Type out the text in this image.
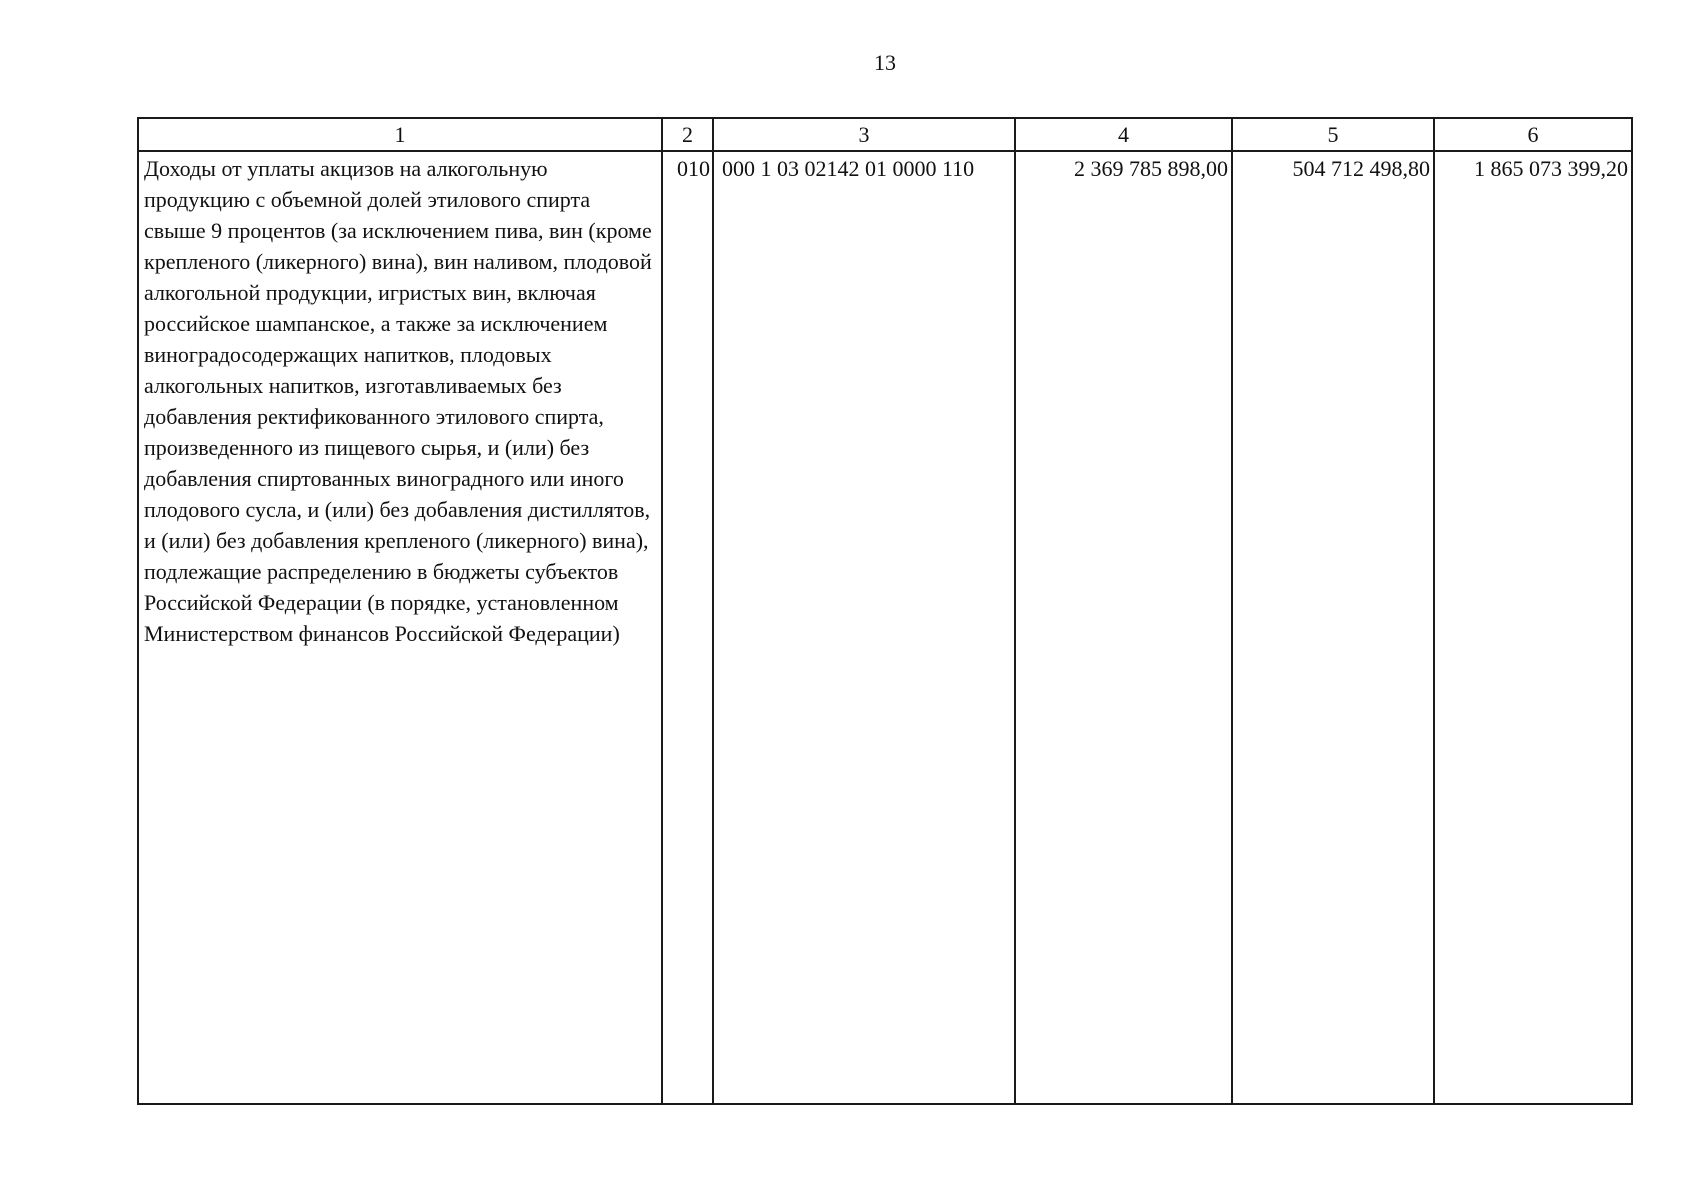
13
1	2	3	4	5	6
Доходы от уплаты акцизов на алкогольную продукцию с объемной долей этилового спирта свыше 9 процентов (за исключением пива, вин (кроме крепленого (ликерного) вина), вин наливом, плодовой алкогольной продукции, игристых вин, включая российское шампанское, а также за исключением виноградосодержащих напитков, плодовых алкогольных напитков, изготавливаемых без добавления ректификованного этилового спирта, произведенного из пищевого сырья, и (или) без добавления спиртованных виноградного или иного плодового сусла, и (или) без добавления дистиллятов, и (или) без добавления крепленого (ликерного) вина), подлежащие распределению в бюджеты субъектов Российской Федерации (в порядке, установленном Министерством финансов Российской Федерации)	010	000 1 03 02142 01 0000 110	2 369 785 898,00	504 712 498,80	1 865 073 399,20
